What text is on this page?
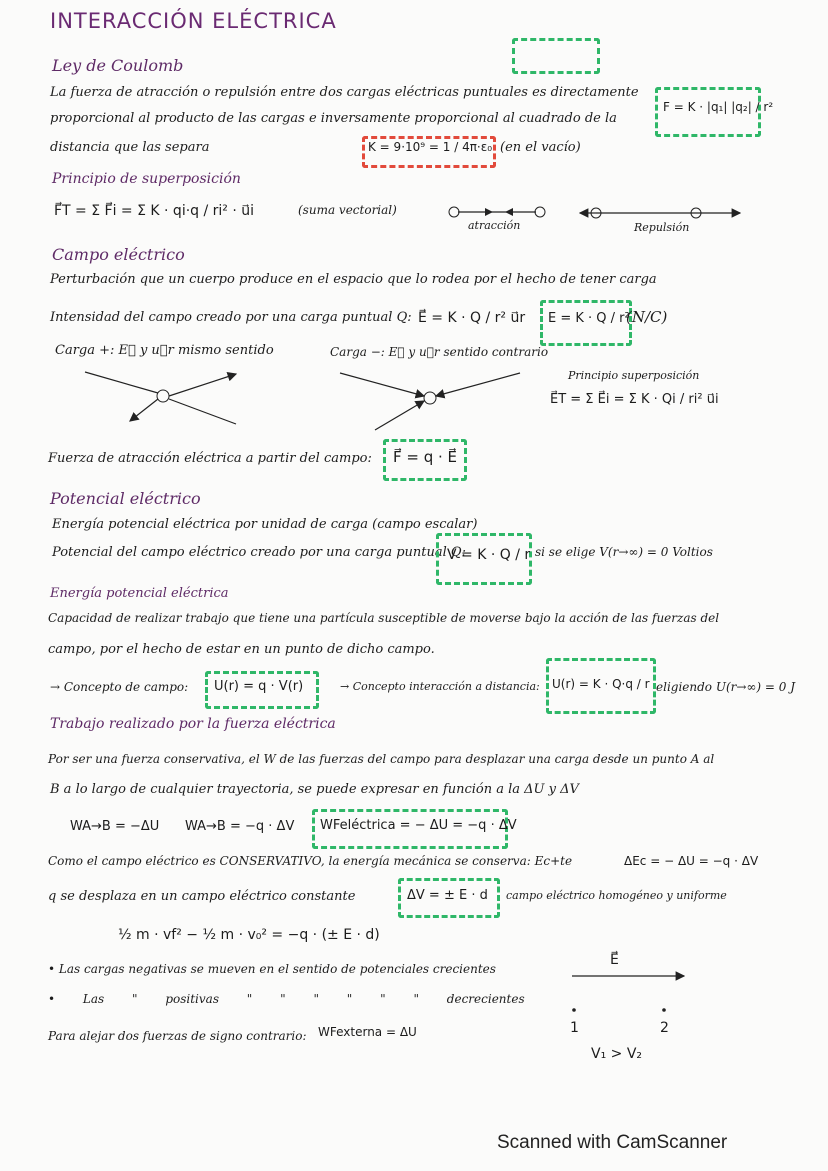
INTERACCIÓN ELÉCTRICA
Ley de Coulomb
La fuerza de atracción o repulsión entre dos cargas eléctricas puntuales es directamente
proporcional al producto de las cargas e inversamente proporcional al cuadrado de la
distancia que las separa
F = K · |q₁| |q₂| / r²
K = 9·10⁹ = 1 / 4π·ε₀ (en el vacío)
Principio de superposición
F⃗T = Σ F⃗i = Σ K · qi·q / ri² · u⃗i	(suma vectorial)
atracción	Repulsión
Campo eléctrico
Perturbación que un cuerpo produce en el espacio que lo rodea por el hecho de tener carga
Intensidad del campo creado por una carga puntual Q: E⃗ = K · Q / r² u⃗r E = K · Q / r²
(N/C)
Carga +: E⃗ y u⃗r mismo sentido	Carga −: E⃗ y u⃗r sentido contrario
Principio superposición
E⃗T = Σ E⃗i = Σ K · Qi / ri² u⃗i
Fuerza de atracción eléctrica a partir del campo: F⃗ = q · E⃗
Potencial eléctrico
Energía potencial eléctrica por unidad de carga (campo escalar)
Potencial del campo eléctrico creado por una carga puntual Q:
V = K · Q / r si se elige V(r→∞) = 0 Voltios
Energía potencial eléctrica
Capacidad de realizar trabajo que tiene una partícula susceptible de moverse bajo la acción de las fuerzas del
campo, por el hecho de estar en un punto de dicho campo.
→ Concepto de campo: U(r) = q · V(r)	→ Concepto interacción a distancia: U(r) = K · Q·q / r eligiendo U(r→∞) = 0 J
Trabajo realizado por la fuerza eléctrica
Por ser una fuerza conservativa, el W de las fuerzas del campo para desplazar una carga desde un punto A al
B a lo largo de cualquier trayectoria, se puede expresar en función a la ΔU y ΔV
WA→B = −ΔU WA→B = −q · ΔV WFeléctrica = − ΔU = −q · ΔV
Como el campo eléctrico es CONSERVATIVO, la energía mecánica se conserva: Ec+te	ΔEc = − ΔU = −q · ΔV
q se desplaza en un campo eléctrico constante	ΔV = ± E · d campo eléctrico homogéneo y uniforme
½ m · vf² − ½ m · v₀² = −q · (± E · d)
• Las cargas negativas se mueven en el sentido de potenciales crecientes
• Las " positivas " " " " " " decrecientes
Para alejar dos fuerzas de signo contrario: WFexterna = ΔU
E⃗
1	2
V₁ > V₂
Scanned with CamScanner
